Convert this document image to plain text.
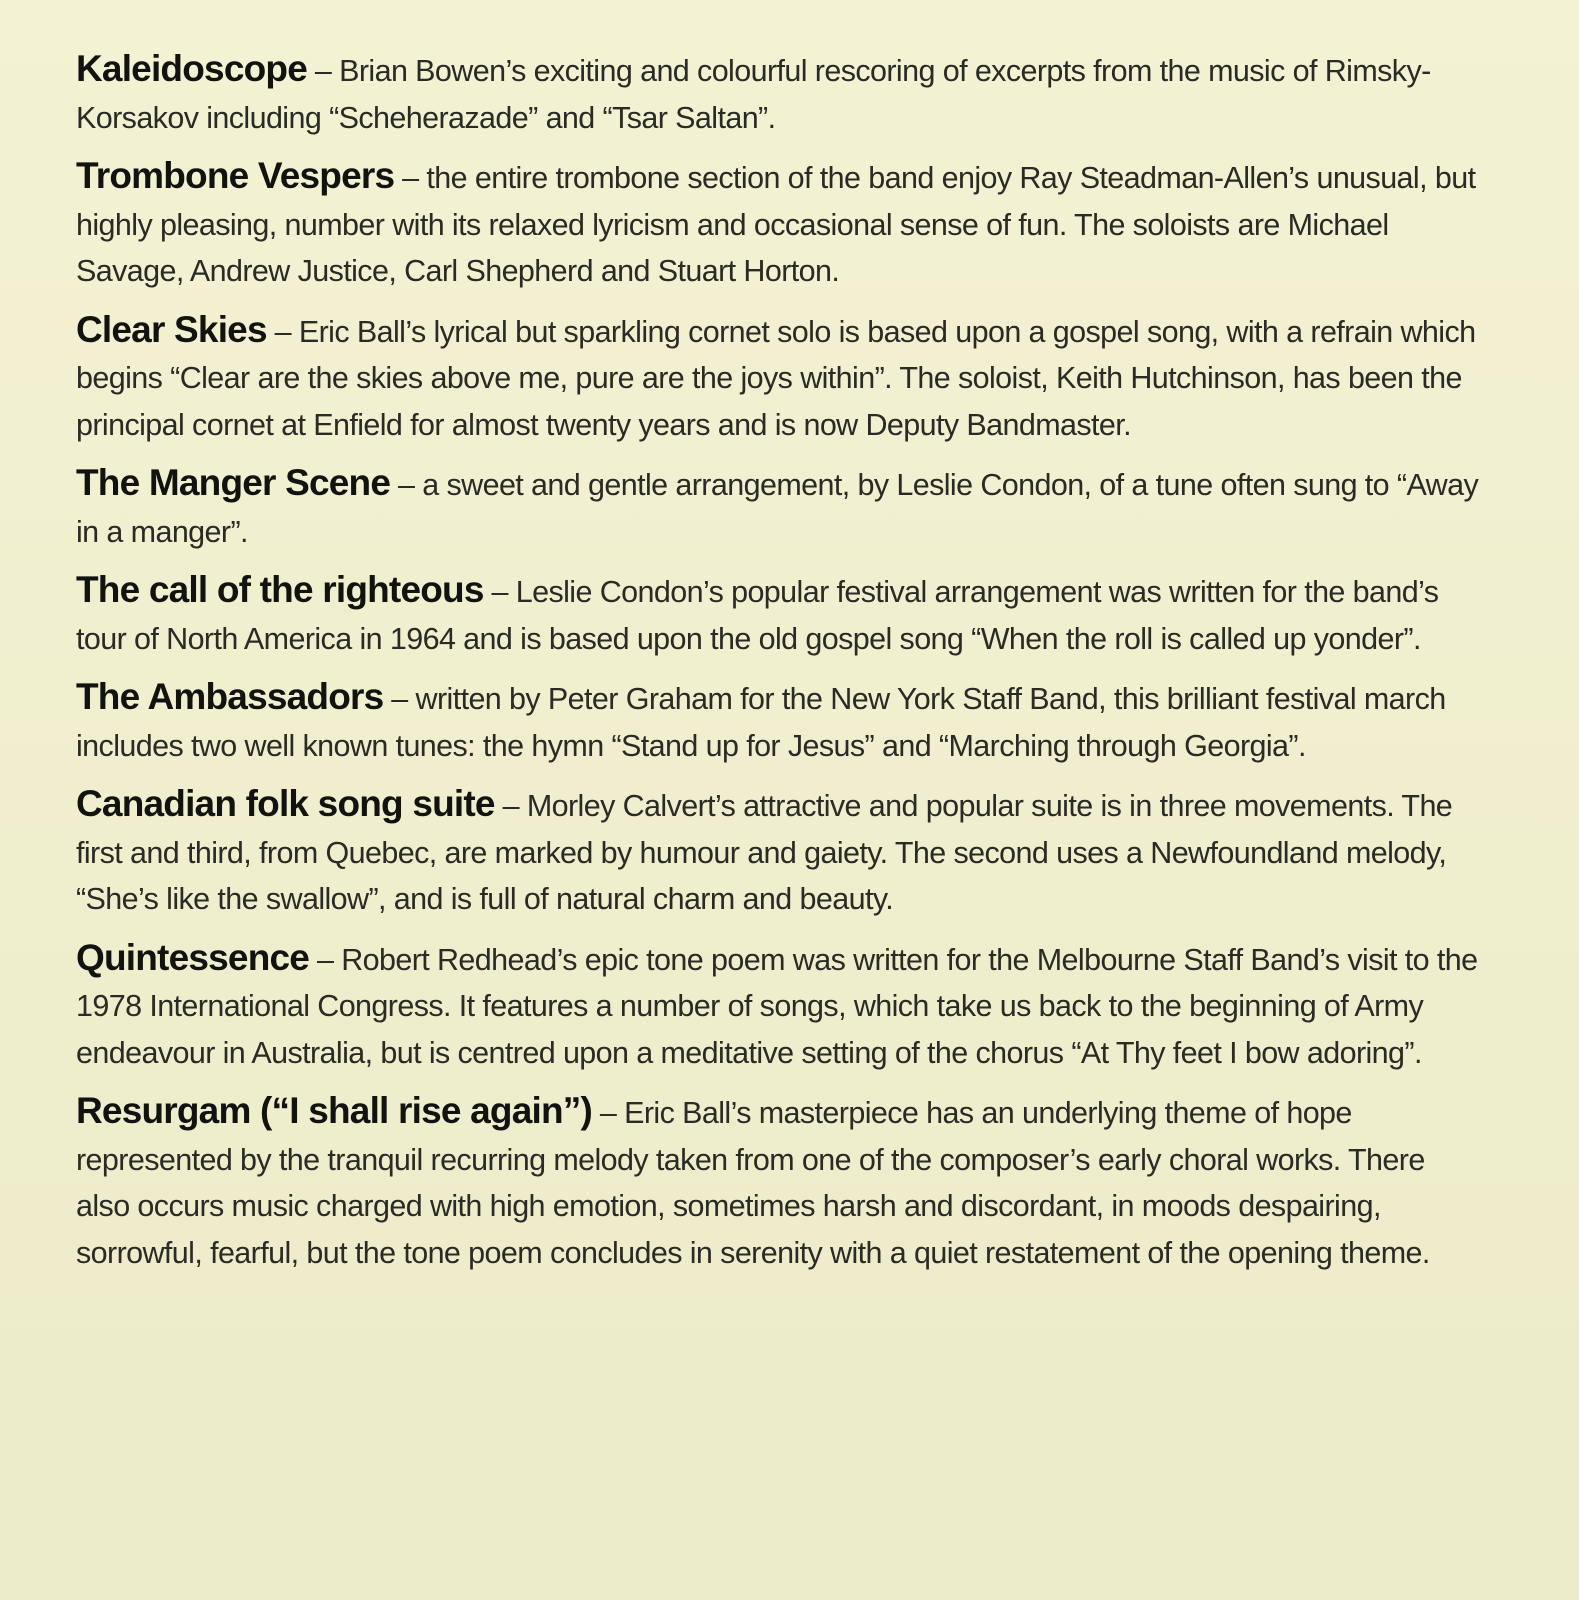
Kaleidoscope – Brian Bowen’s exciting and colourful rescoring of excerpts from the music of Rimsky-Korsakov including “Scheherazade” and “Tsar Saltan”.

Trombone Vespers – the entire trombone section of the band enjoy Ray Steadman-Allen’s unusual, but highly pleasing, number with its relaxed lyricism and occasional sense of fun. The soloists are Michael Savage, Andrew Justice, Carl Shepherd and Stuart Horton.

Clear Skies – Eric Ball’s lyrical but sparkling cornet solo is based upon a gospel song, with a refrain which begins “Clear are the skies above me, pure are the joys within”. The soloist, Keith Hutchinson, has been the principal cornet at Enfield for almost twenty years and is now Deputy Bandmaster.

The Manger Scene – a sweet and gentle arrangement, by Leslie Condon, of a tune often sung to “Away in a manger”.

The call of the righteous – Leslie Condon’s popular festival arrangement was written for the band’s tour of North America in 1964 and is based upon the old gospel song “When the roll is called up yonder”.

The Ambassadors – written by Peter Graham for the New York Staff Band, this brilliant festival march includes two well known tunes: the hymn “Stand up for Jesus” and “Marching through Georgia”.

Canadian folk song suite – Morley Calvert’s attractive and popular suite is in three movements. The first and third, from Quebec, are marked by humour and gaiety. The second uses a Newfoundland melody, “She’s like the swallow”, and is full of natural charm and beauty.

Quintessence – Robert Redhead’s epic tone poem was written for the Melbourne Staff Band’s visit to the 1978 International Congress. It features a number of songs, which take us back to the beginning of Army endeavour in Australia, but is centred upon a meditative setting of the chorus “At Thy feet I bow adoring”.

Resurgam (“I shall rise again”) – Eric Ball’s masterpiece has an underlying theme of hope represented by the tranquil recurring melody taken from one of the composer’s early choral works. There also occurs music charged with high emotion, sometimes harsh and discordant, in moods despairing, sorrowful, fearful, but the tone poem concludes in serenity with a quiet restatement of the opening theme.
